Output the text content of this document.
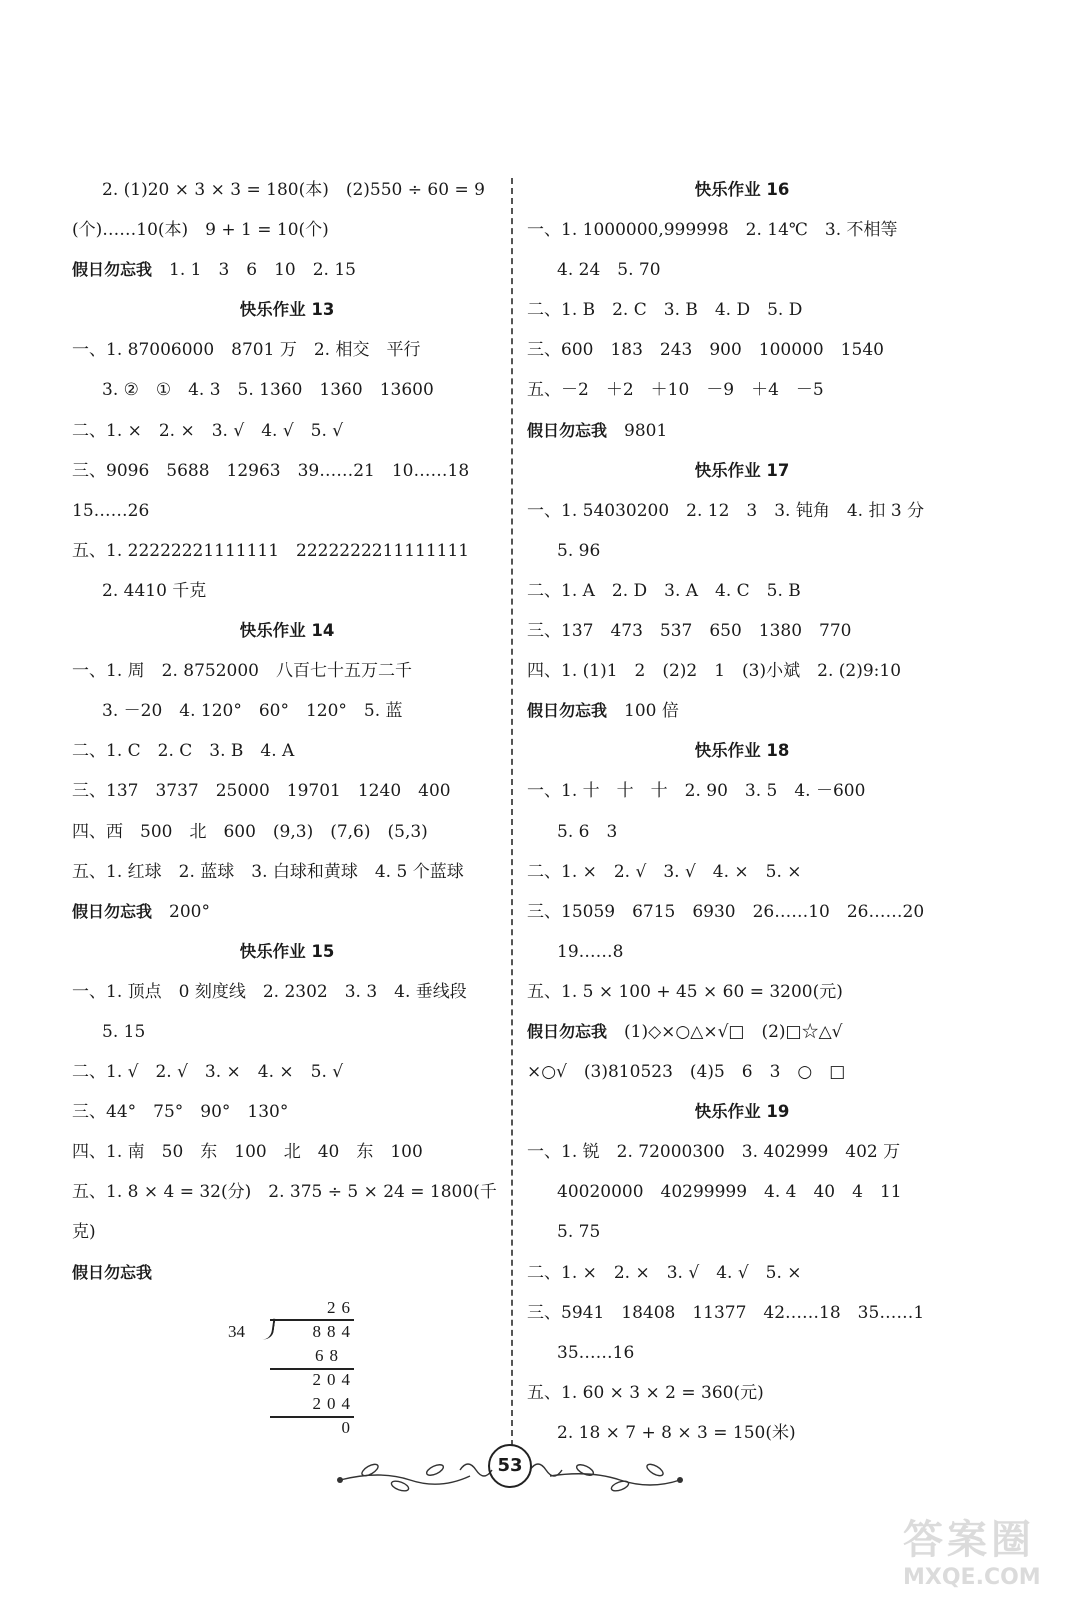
2. (1)20 × 3 × 3 = 180(本)　(2)550 ÷ 60 = 9
(个)……10(本)　9 + 1 = 10(个)
假日勿忘我　 1. 1　3　6　10　2. 15
快乐作业 13
一、1. 87006000　8701 万　2. 相交　平行
3. ②　①　4. 3　5. 1360　1360　13600
二、1. ×　2. ×　3. √　4. √　5. √
三、9096　5688　12963　39……21　10……18
15……26
五、1. 22222221111111　2222222211111111
2. 4410 千克
快乐作业 14
一、1. 周　2. 8752000　八百七十五万二千
3. －20　4. 120°　60°　120°　5. 蓝
二、1. C　2. C　3. B　4. A
三、137　3737　25000　19701　1240　400
四、西　500　北　600　(9,3)　(7,6)　(5,3)
五、1. 红球　2. 蓝球　3. 白球和黄球　4. 5 个蓝球
假日勿忘我　 200°
快乐作业 15
一、1. 顶点　0 刻度线　2. 2302　3. 3　4. 垂线段
5. 15
二、1. √　2. √　3. ×　4. ×　5. √
三、44°　75°　90°　130°
四、1. 南　50　东　100　北　40　东　100
五、1. 8 × 4 = 32(分)　2. 375 ÷ 5 × 24 = 1800(千
克)
假日勿忘我　
快乐作业 16
一、1. 1000000,999998　2. 14℃　3. 不相等
4. 24　5. 70
二、1. B　2. C　3. B　4. D　5. D
三、600　183　243　900　100000　1540
五、－2　＋2　＋10　－9　＋4　－5
假日勿忘我　 9801
快乐作业 17
一、1. 54030200　2. 12　3　3. 钝角　4. 扣 3 分
5. 96
二、1. A　2. D　3. A　4. C　5. B
三、137　473　537　650　1380　770
四、1. (1)1　2　(2)2　1　(3)小斌　2. (2)9:10
假日勿忘我　 100 倍
快乐作业 18
一、1. 十　十　十　2. 90　3. 5　4. －600
5. 6　3
二、1. ×　2. √　3. √　4. ×　5. ×
三、15059　6715　6930　26……10　26……20
19……8
五、1. 5 × 100 + 45 × 60 = 3200(元)
假日勿忘我　 (1)◇×○△×√□　(2)□☆△√
×○√　(3)810523　(4)5　6　3　○　□
快乐作业 19
一、1. 锐　2. 72000300　3. 402999　402 万
40020000　40299999　4. 4　40　4　11
5. 75
二、1. ×　2. ×　3. √　4. √　5. ×
三、5941　18408　11377　42……18　35……1
35……16
五、1. 60 × 3 × 2 = 360(元)
2. 18 × 7 + 8 × 3 = 150(米)
34
26
884
68
204
204
0
53
答案圈
MXQE.COM
